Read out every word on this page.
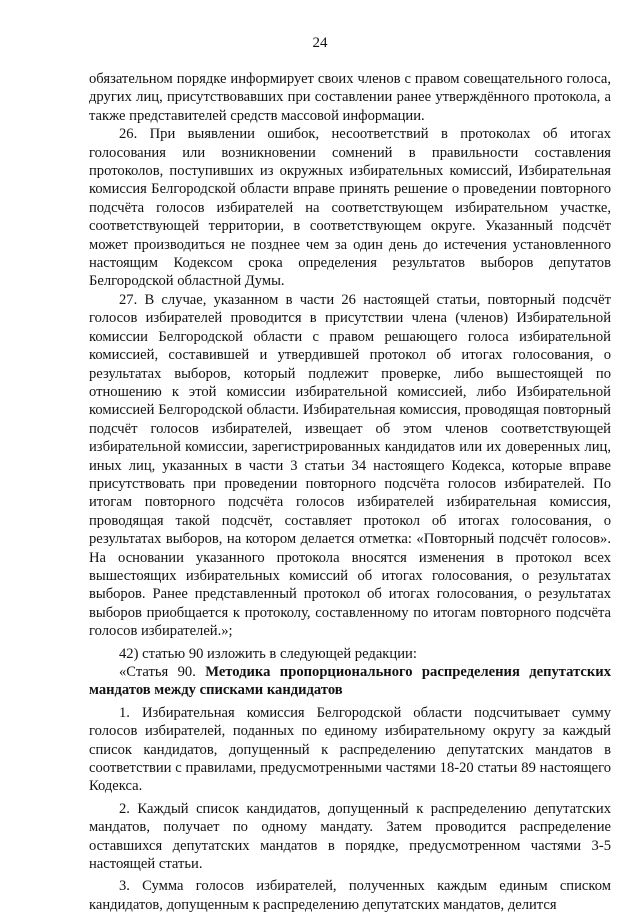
24

обязательном порядке информирует своих членов с правом совещательного голоса, других лиц, присутствовавших при составлении ранее утверждённого протокола, а также представителей средств массовой информации.

26. При выявлении ошибок, несоответствий в протоколах об итогах голосования или возникновении сомнений в правильности составления протоколов, поступивших из окружных избирательных комиссий, Избирательная комиссия Белгородской области вправе принять решение о проведении повторного подсчёта голосов избирателей на соответствующем избирательном участке, соответствующей территории, в соответствующем округе. Указанный подсчёт может производиться не позднее чем за один день до истечения установленного настоящим Кодексом срока определения результатов выборов депутатов Белгородской областной Думы.

27. В случае, указанном в части 26 настоящей статьи, повторный подсчёт голосов избирателей проводится в присутствии члена (членов) Избирательной комиссии Белгородской области с правом решающего голоса избирательной комиссией, составившей и утвердившей протокол об итогах голосования, о результатах выборов, который подлежит проверке, либо вышестоящей по отношению к этой комиссии избирательной комиссией, либо Избирательной комиссией Белгородской области. Избирательная комиссия, проводящая повторный подсчёт голосов избирателей, извещает об этом членов соответствующей избирательной комиссии, зарегистрированных кандидатов или их доверенных лиц, иных лиц, указанных в части 3 статьи 34 настоящего Кодекса, которые вправе присутствовать при проведении повторного подсчёта голосов избирателей. По итогам повторного подсчёта голосов избирателей избирательная комиссия, проводящая такой подсчёт, составляет протокол об итогах голосования, о результатах выборов, на котором делается отметка: «Повторный подсчёт голосов». На основании указанного протокола вносятся изменения в протокол всех вышестоящих избирательных комиссий об итогах голосования, о результатах выборов. Ранее представленный протокол об итогах голосования, о результатах выборов приобщается к протоколу, составленному по итогам повторного подсчёта голосов избирателей.»;

42) статью 90 изложить в следующей редакции:

«Статья 90. Методика пропорционального распределения депутатских мандатов между списками кандидатов

1. Избирательная комиссия Белгородской области подсчитывает сумму голосов избирателей, поданных по единому избирательному округу за каждый список кандидатов, допущенный к распределению депутатских мандатов в соответствии с правилами, предусмотренными частями 18-20 статьи 89 настоящего Кодекса.

2. Каждый список кандидатов, допущенный к распределению депутатских мандатов, получает по одному мандату. Затем проводится распределение оставшихся депутатских мандатов в порядке, предусмотренном частями 3-5 настоящей статьи.

3. Сумма голосов избирателей, полученных каждым единым списком кандидатов, допущенным к распределению депутатских мандатов, делится
